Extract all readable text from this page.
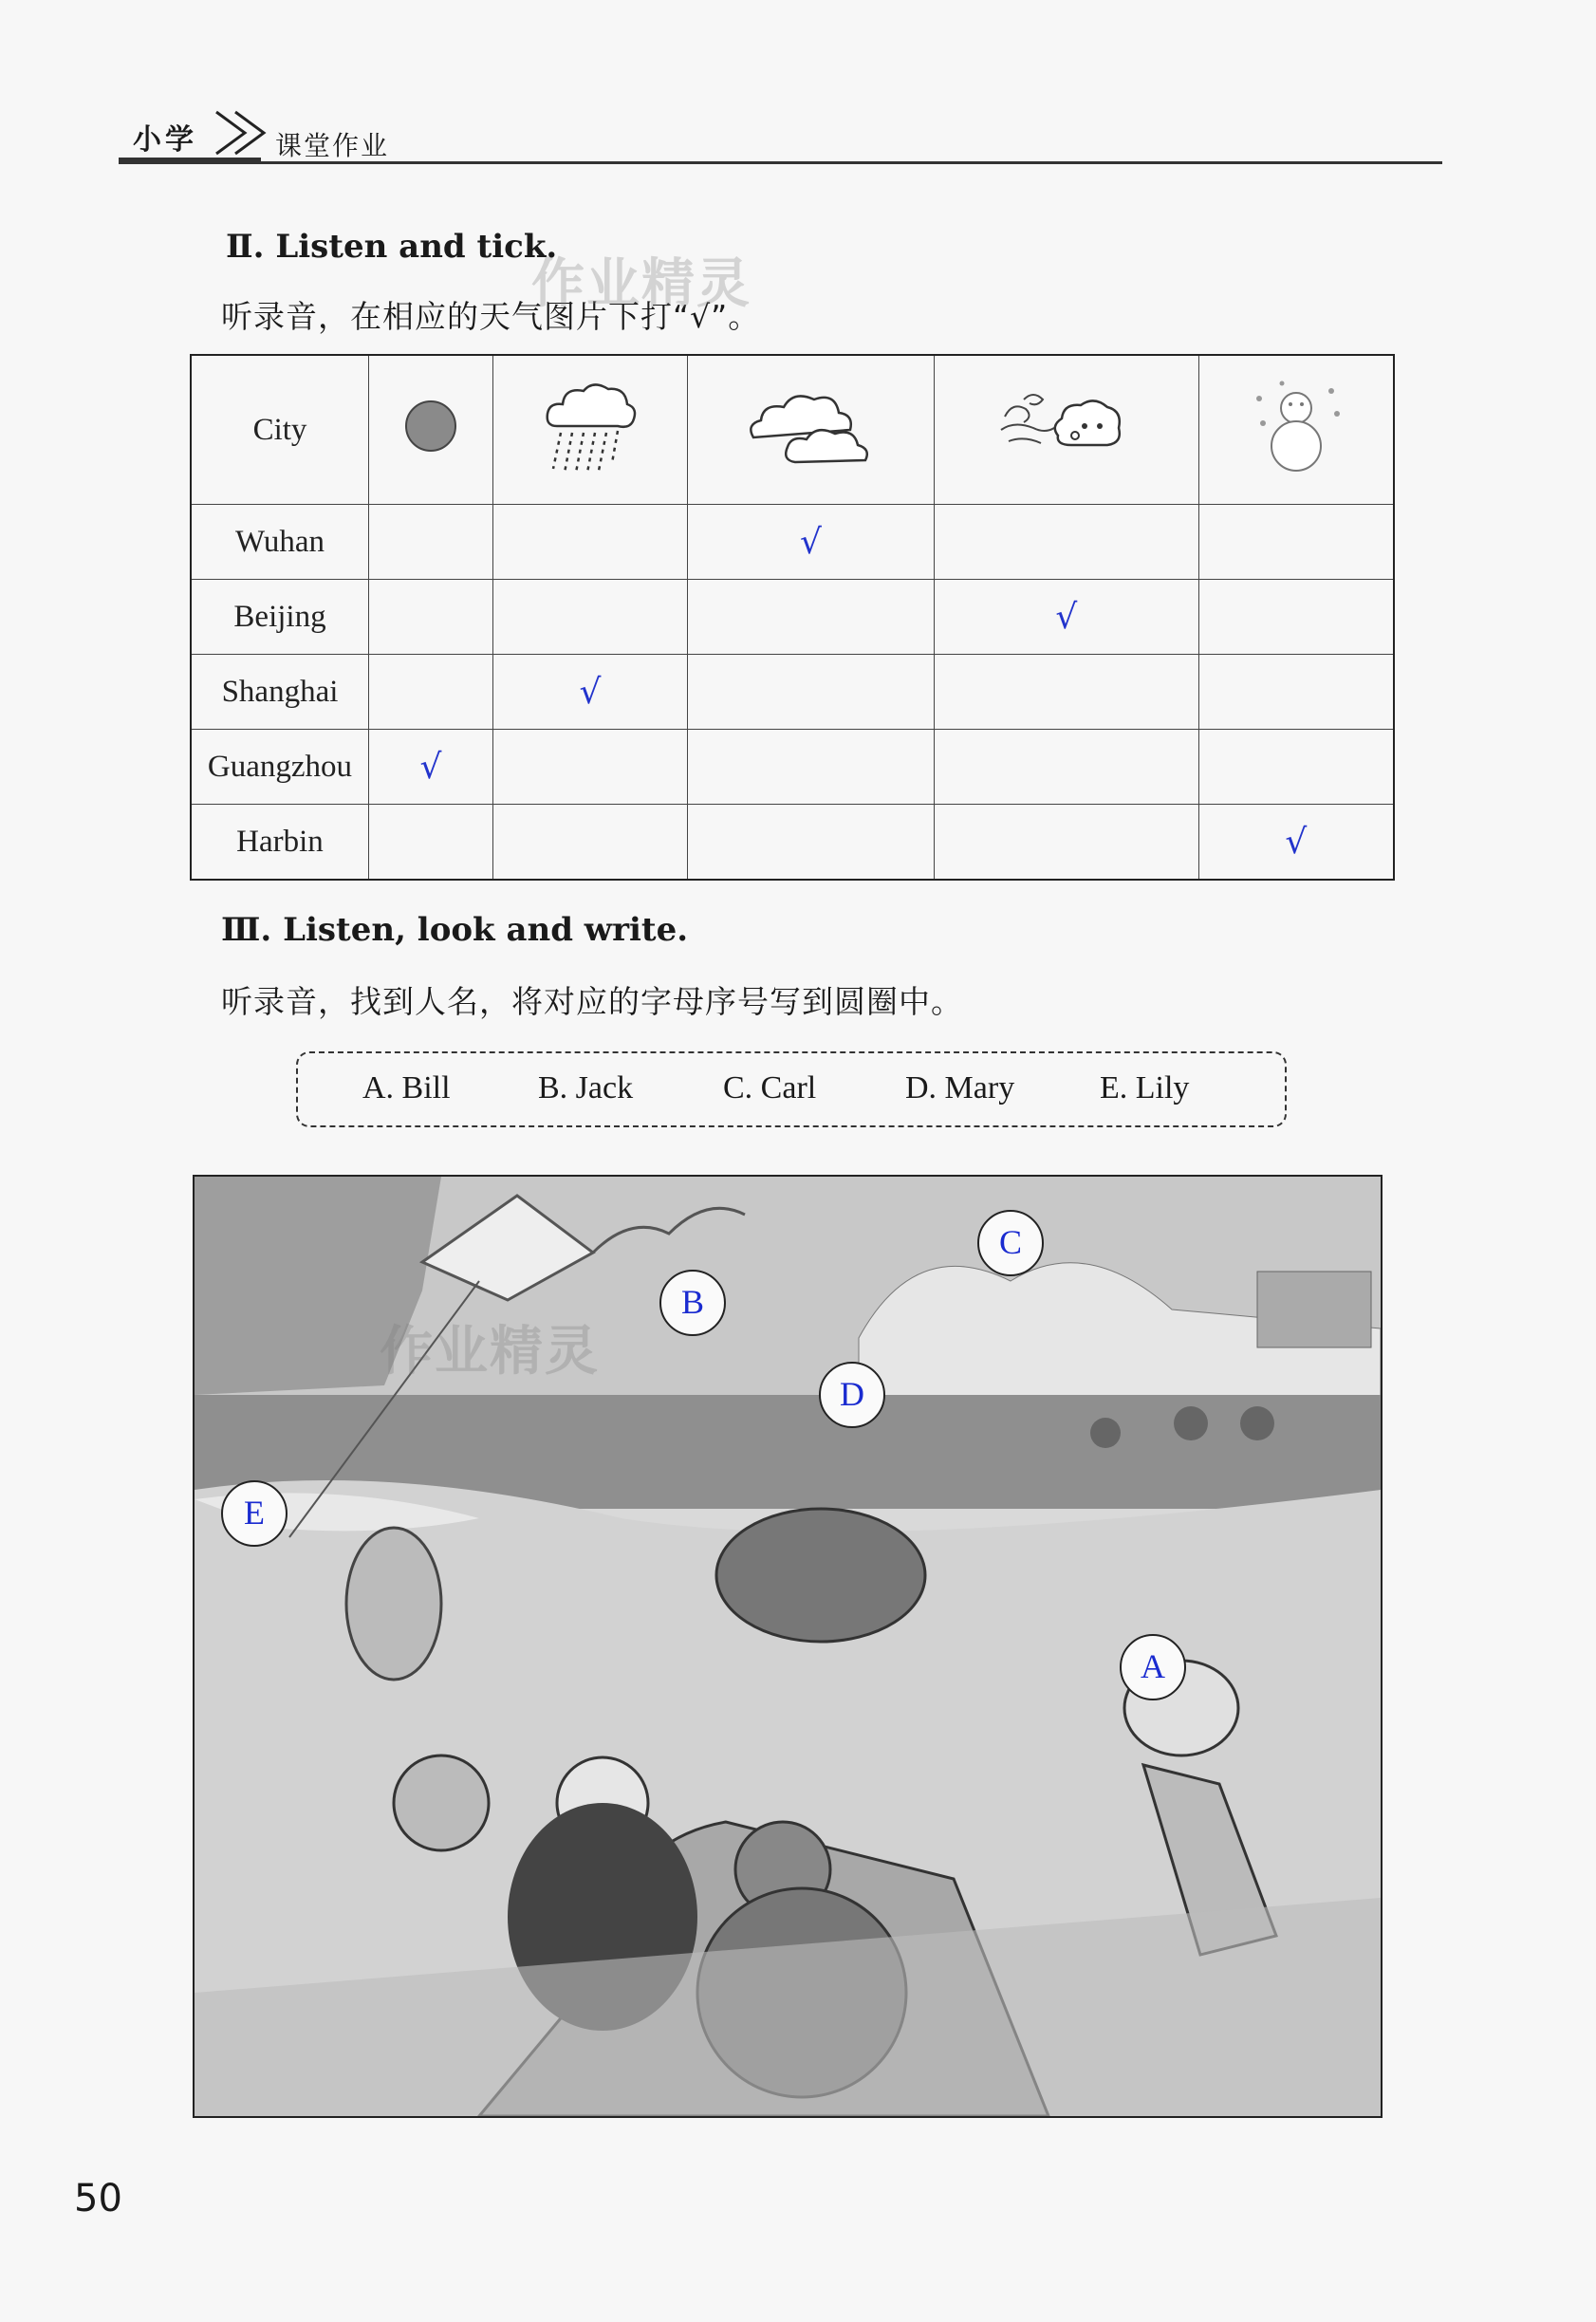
小学	课堂作业
Ⅱ. Listen and tick.
听录音，在相应的天气图片下打“√”。
City					
Wuhan			√		
Beijing				√	
Shanghai		√			
Guangzhou	√				
Harbin					√
Ⅲ. Listen, look and write.
听录音，找到人名，将对应的字母序号写到圆圈中。
A. Bill	B. Jack	C. Carl	D. Mary	E. Lily
C
B
D
E
A
作业精灵
作业精灵
50
